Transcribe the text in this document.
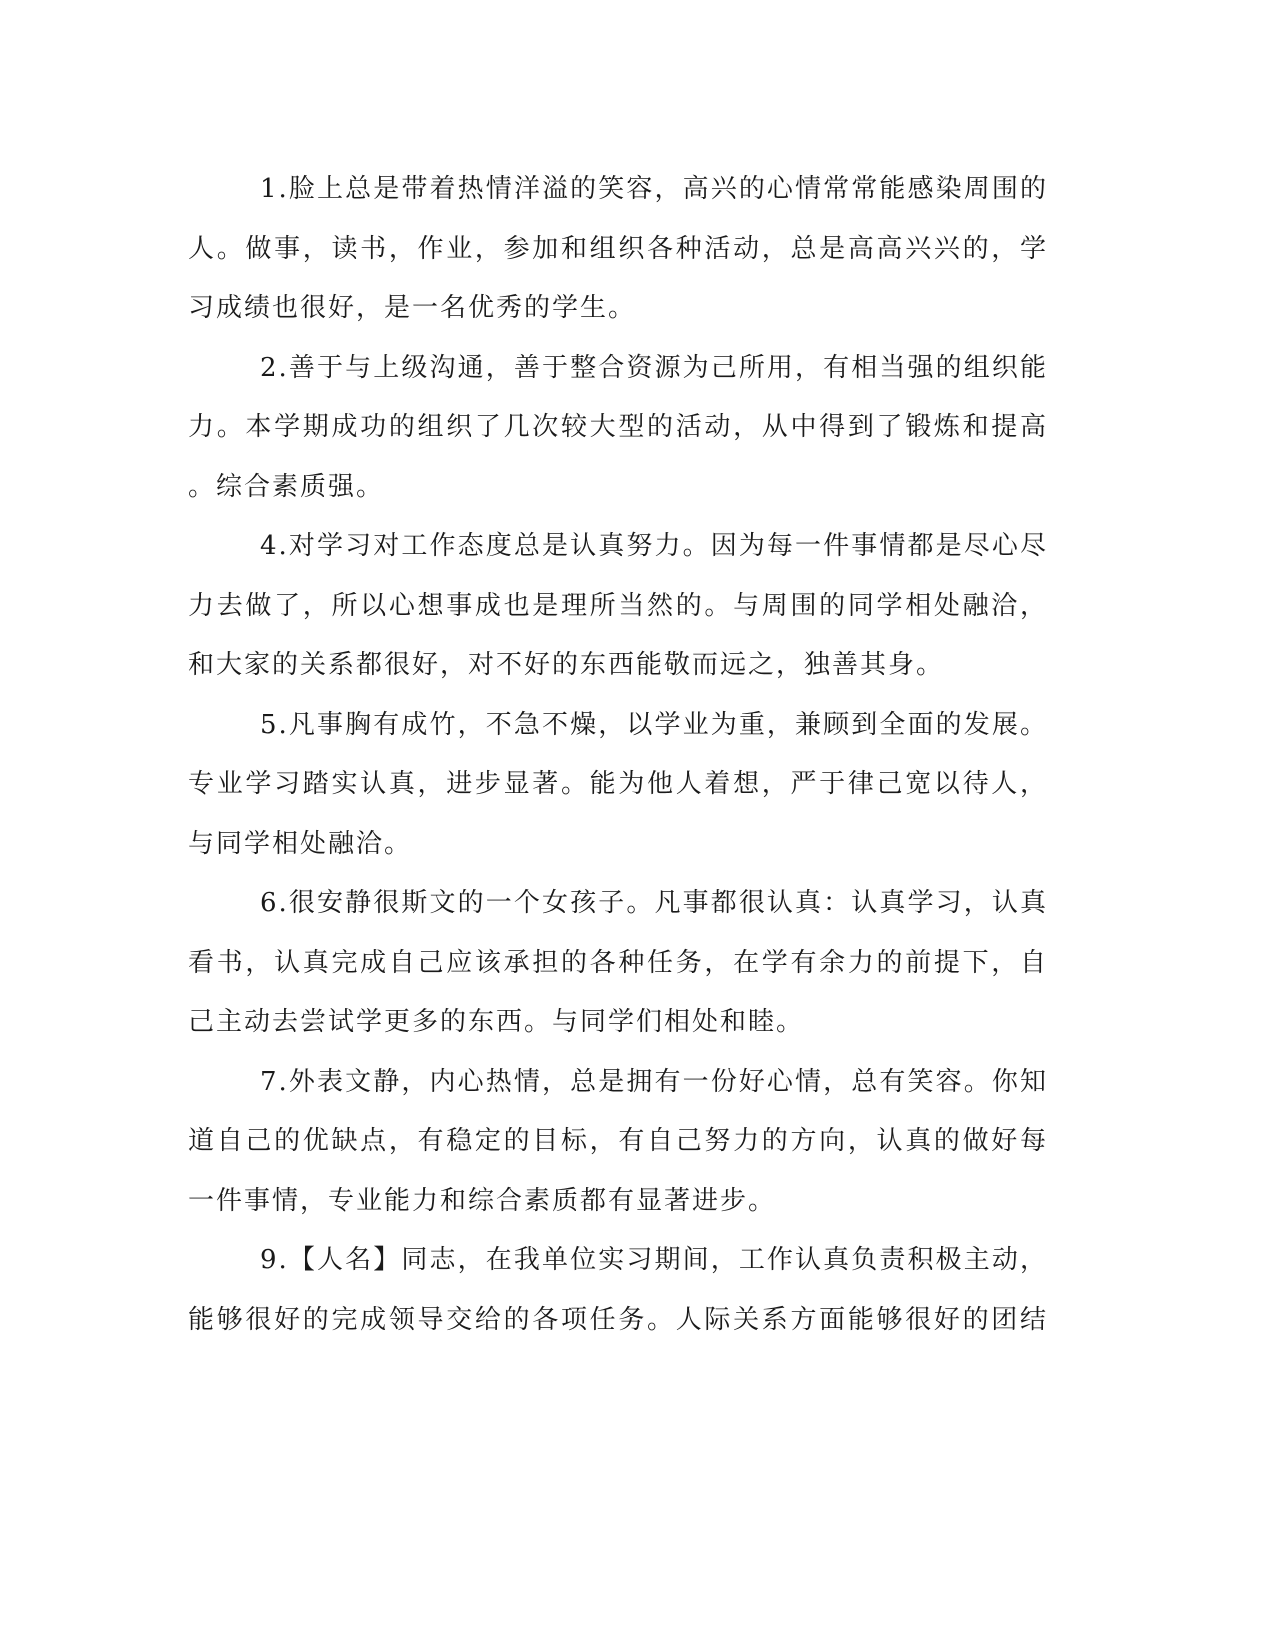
1.脸上总是带着热情洋溢的笑容，高兴的心情常常能感染周围的
人。做事，读书，作业，参加和组织各种活动，总是高高兴兴的，学
习成绩也很好，是一名优秀的学生。
2.善于与上级沟通，善于整合资源为己所用，有相当强的组织能
力。本学期成功的组织了几次较大型的活动，从中得到了锻炼和提高
。综合素质强。
4.对学习对工作态度总是认真努力。因为每一件事情都是尽心尽
力去做了，所以心想事成也是理所当然的。与周围的同学相处融洽，
和大家的关系都很好，对不好的东西能敬而远之，独善其身。
5.凡事胸有成竹，不急不燥，以学业为重，兼顾到全面的发展。
专业学习踏实认真，进步显著。能为他人着想，严于律己宽以待人，
与同学相处融洽。
6.很安静很斯文的一个女孩子。凡事都很认真：认真学习，认真
看书，认真完成自己应该承担的各种任务，在学有余力的前提下，自
己主动去尝试学更多的东西。与同学们相处和睦。
7.外表文静，内心热情，总是拥有一份好心情，总有笑容。你知
道自己的优缺点，有稳定的目标，有自己努力的方向，认真的做好每
一件事情，专业能力和综合素质都有显著进步。
9.【人名】同志，在我单位实习期间，工作认真负责积极主动，
能够很好的完成领导交给的各项任务。人际关系方面能够很好的团结
